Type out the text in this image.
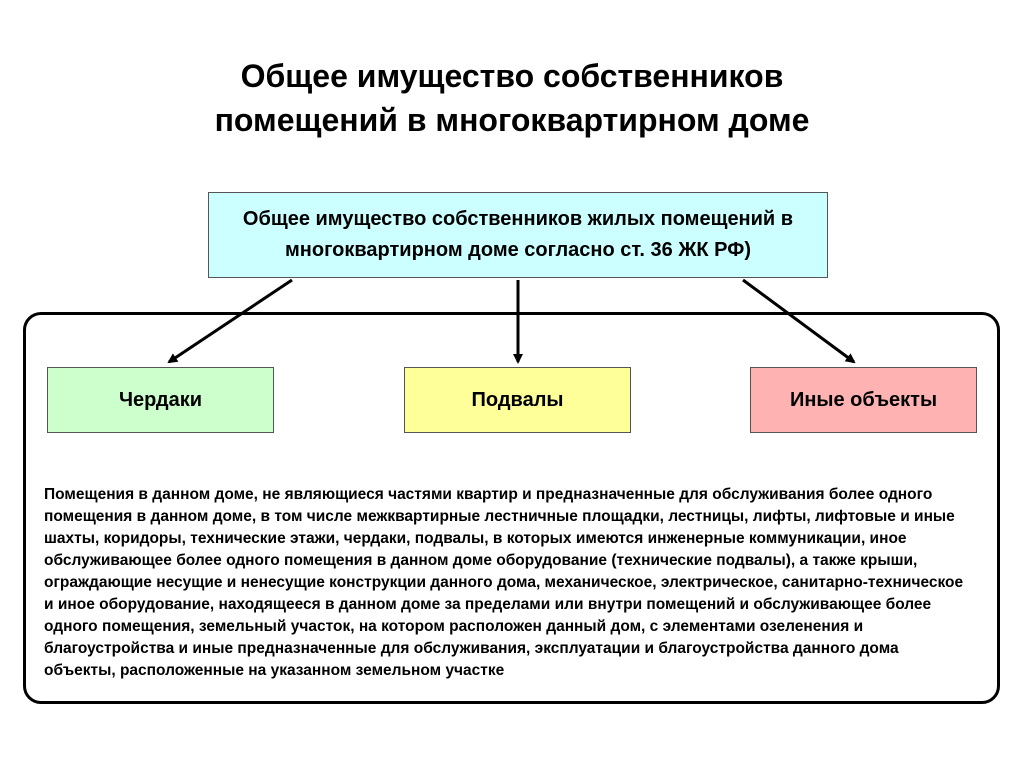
Общее имущество собственников
помещений в многоквартирном доме
Общее имущество собственников жилых помещений в
многоквартирном доме согласно ст. 36 ЖК РФ)
Чердаки	Подвалы	Иные объекты
Помещения в данном доме, не являющиеся частями квартир и предназначенные для обслуживания более одного
помещения в данном доме, в том числе межквартирные лестничные площадки, лестницы, лифты, лифтовые и иные
шахты, коридоры, технические этажи, чердаки, подвалы, в которых имеются инженерные коммуникации, иное
обслуживающее более одного помещения в данном доме оборудование (технические подвалы), а также крыши,
ограждающие несущие и ненесущие конструкции данного дома, механическое, электрическое, санитарно-техническое
и иное оборудование, находящееся в данном доме за пределами или внутри помещений и обслуживающее более
одного помещения, земельный участок, на котором расположен данный дом, с элементами озеленения и
благоустройства и иные предназначенные для обслуживания, эксплуатации и благоустройства данного дома
объекты, расположенные на указанном земельном участке
